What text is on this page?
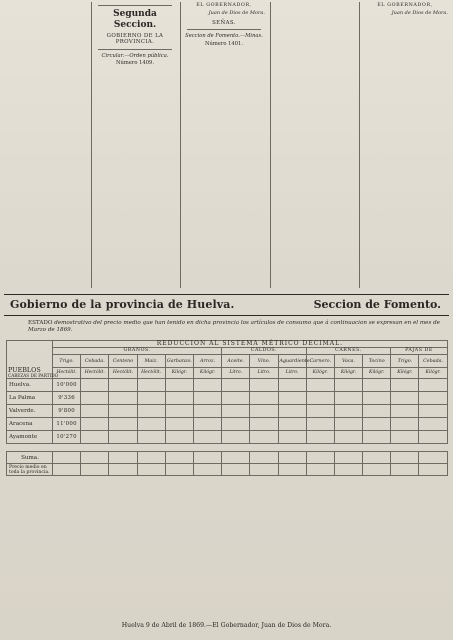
Segunda Seccion.
GOBIERNO DE LA PROVINCIA.

Circular.—Orden pública.

Número 1409.

EL GOBERNADOR,
Juan de Dios de Mora.
SEÑAS.

Seccion de Fomento.—Minas.

Número 1401.

EL GOBERNADOR,
Juan de Dios de Mora.
Gobierno de la provincia de Huelva.	Seccion de Fomento.
ESTADO demostrativo del precio medio que han tenido en dicha provincia los artículos de consumo que á continuacion se expresan en el mes de Marzo de 1869.
	REDUCCION AL SISTEMA MÉTRICO DECIMAL.													
	GRANOS.						CALDOS.			CARNES.			PAJAS DE	
	Trigo.	Cebada.	Centeno	Maiz.	Garbanzo.	Arroz.	Aceite.	Vino.	Aguardiente.	Carnero.	Vaca.	Tocino	Trigo.	Cebada.

PUEBLOS
CABEZAS DE PARTIDO	Hectólit.	Hectólit.	Hectólit.	Hectólit.	Kilógr.	Kilógr.	Litro.	Litro.	Litro.	Kilógr.	Kilógr.	Kilógr.	Kilógr.	Kilógr.
Huelva.	10'000													
La Palma	9'336													
Valverde.	9'800													
Aracena	11'000													
Ayamonte	10'270													

Suma.														
Precio medio en toda la provincia.														
Huelva 9 de Abril de 1869.—El Gobernador, Juan de Dios de Mora.
